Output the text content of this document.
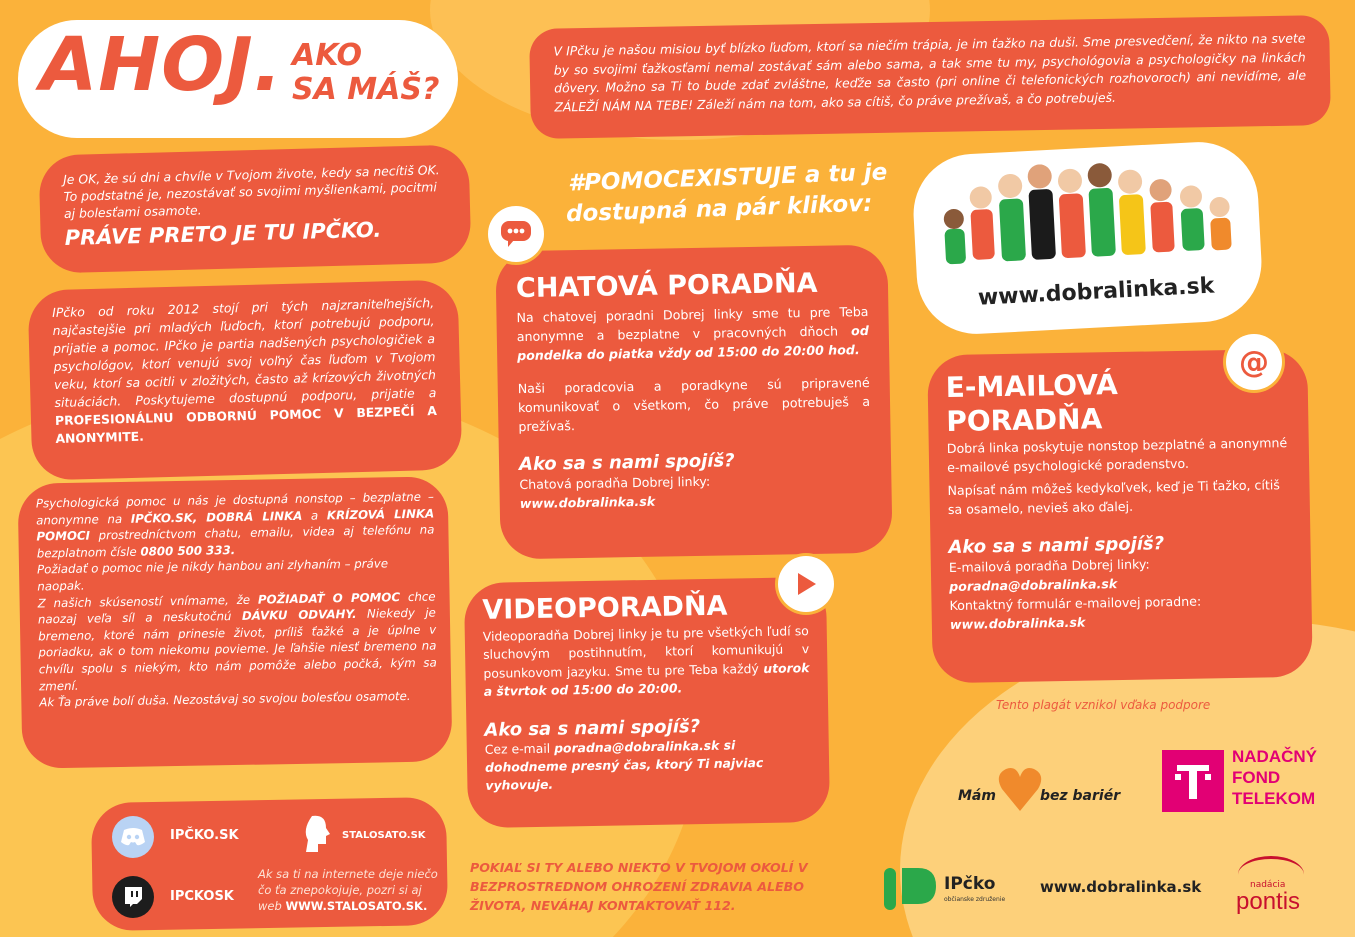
AHOJ. AKO
SA MÁŠ?

V IPčku je našou misiou byť blízko ľuďom, ktorí sa niečím trápia, je im ťažko na duši. Sme presvedčení, že nikto na svete by so svojimi ťažkosťami nemal zostávať sám alebo sama, a tak sme tu my, psychológovia a psychologičky na linkách dôvery. Možno sa Ti to bude zdať zvláštne, keďže sa často (pri online či telefonických rozhovoroch) ani nevidíme, ale ZÁLEŽÍ NÁM NA TEBE! Záleží nám na tom, ako sa cítiš, čo práve prežívaš, a čo potrebuješ.

Je OK, že sú dni a chvíle v Tvojom živote, kedy sa necítiš OK. To podstatné je, nezostávať so svojimi myšlienkami, pocitmi aj bolesťami osamote.

PRÁVE PRETO JE TU IPČKO.

IPčko od roku 2012 stojí pri tých najzraniteľnejších, najčastejšie pri mladých ľuďoch, ktorí potrebujú podporu, prijatie a pomoc. IPčko je partia nadšených psychologičiek a psychológov, ktorí venujú svoj voľný čas ľuďom v Tvojom veku, ktorí sa ocitli v zložitých, často až krízových životných situáciách. Poskytujeme dostupnú podporu, prijatie a PROFESIONÁLNU ODBORNÚ POMOC V BEZPEČÍ A ANONYMITE.

Psychologická pomoc u nás je dostupná nonstop – bezplatne – anonymne na IPČKO.SK, DOBRÁ LINKA a KRÍZOVÁ LINKA POMOCI prostredníctvom chatu, emailu, videa aj telefónu na bezplatnom čísle 0800 500 333.

Požiadať o pomoc nie je nikdy hanbou ani zlyhaním – práve naopak.

Z našich skúseností vnímame, že POŽIADAŤ O POMOC chce naozaj veľa síl a neskutočnú DÁVKU ODVAHY. Niekedy je bremeno, ktoré nám prinesie život, príliš ťažké a je úplne v poriadku, ak o tom niekomu povieme. Je ľahšie niesť bremeno na chvíľu spolu s niekým, kto nám pomôže alebo počká, kým sa zmení.

Ak Ťa práve bolí duša. Nezostávaj so svojou bolesťou osamote.

#POMOCEXISTUJE a tu je
dostupná na pár klikov:
www.dobralinka.sk

CHATOVÁ PORADŇA

Na chatovej poradni Dobrej linky sme tu pre Teba anonymne a bezplatne v pracovných dňoch od pondelka do piatka vždy od 15:00 do 20:00 hod.

Naši poradcovia a poradkyne sú pripravené komunikovať o všetkom, čo práve potrebuješ a prežívaš.

Ako sa s nami spojíš?

Chatová poradňa Dobrej linky:

www.dobralinka.sk

E-MAILOVÁ

PORADŇA

Dobrá linka poskytuje nonstop bezplatné a anonymné e-mailové psychologické poradenstvo.

Napísať nám môžeš kedykoľvek, keď je Ti ťažko, cítiš sa osamelo, nevieš ako ďalej.

Ako sa s nami spojíš?

E-mailová poradňa Dobrej linky:

poradna@dobralinka.sk

Kontaktný formulár e-mailovej poradne:

www.dobralinka.sk

@

VIDEOPORADŇA

Videoporadňa Dobrej linky je tu pre všetkých ľudí so sluchovým postihnutím, ktorí komunikujú v posunkovom jazyku. Sme tu pre Teba každý utorok a štvrtok od 15:00 do 20:00.

Ako sa s nami spojíš?

Cez e-mail poradna@dobralinka.sk si dohodneme presný čas, ktorý Ti najviac vyhovuje.

IPČKO.SK
IPCKOSK
STALOSATO.SK
Ak sa ti na internete deje niečo čo ťa znepokojuje, pozri si aj web WWW.STALOSATO.SK.
POKIAĽ SI TY ALEBO NIEKTO V TVOJOM OKOLÍ V BEZPROSTREDNOM OHROZENÍ ZDRAVIA ALEBO ŽIVOTA, NEVÁHAJ KONTAKTOVAŤ 112.
Tento plagát vznikol vďaka podpore
Mám	bez bariér
NADAČNÝ
FOND
TELEKOM
IPčko
občianske združenie
www.dobralinka.sk	nadácia
pontis
